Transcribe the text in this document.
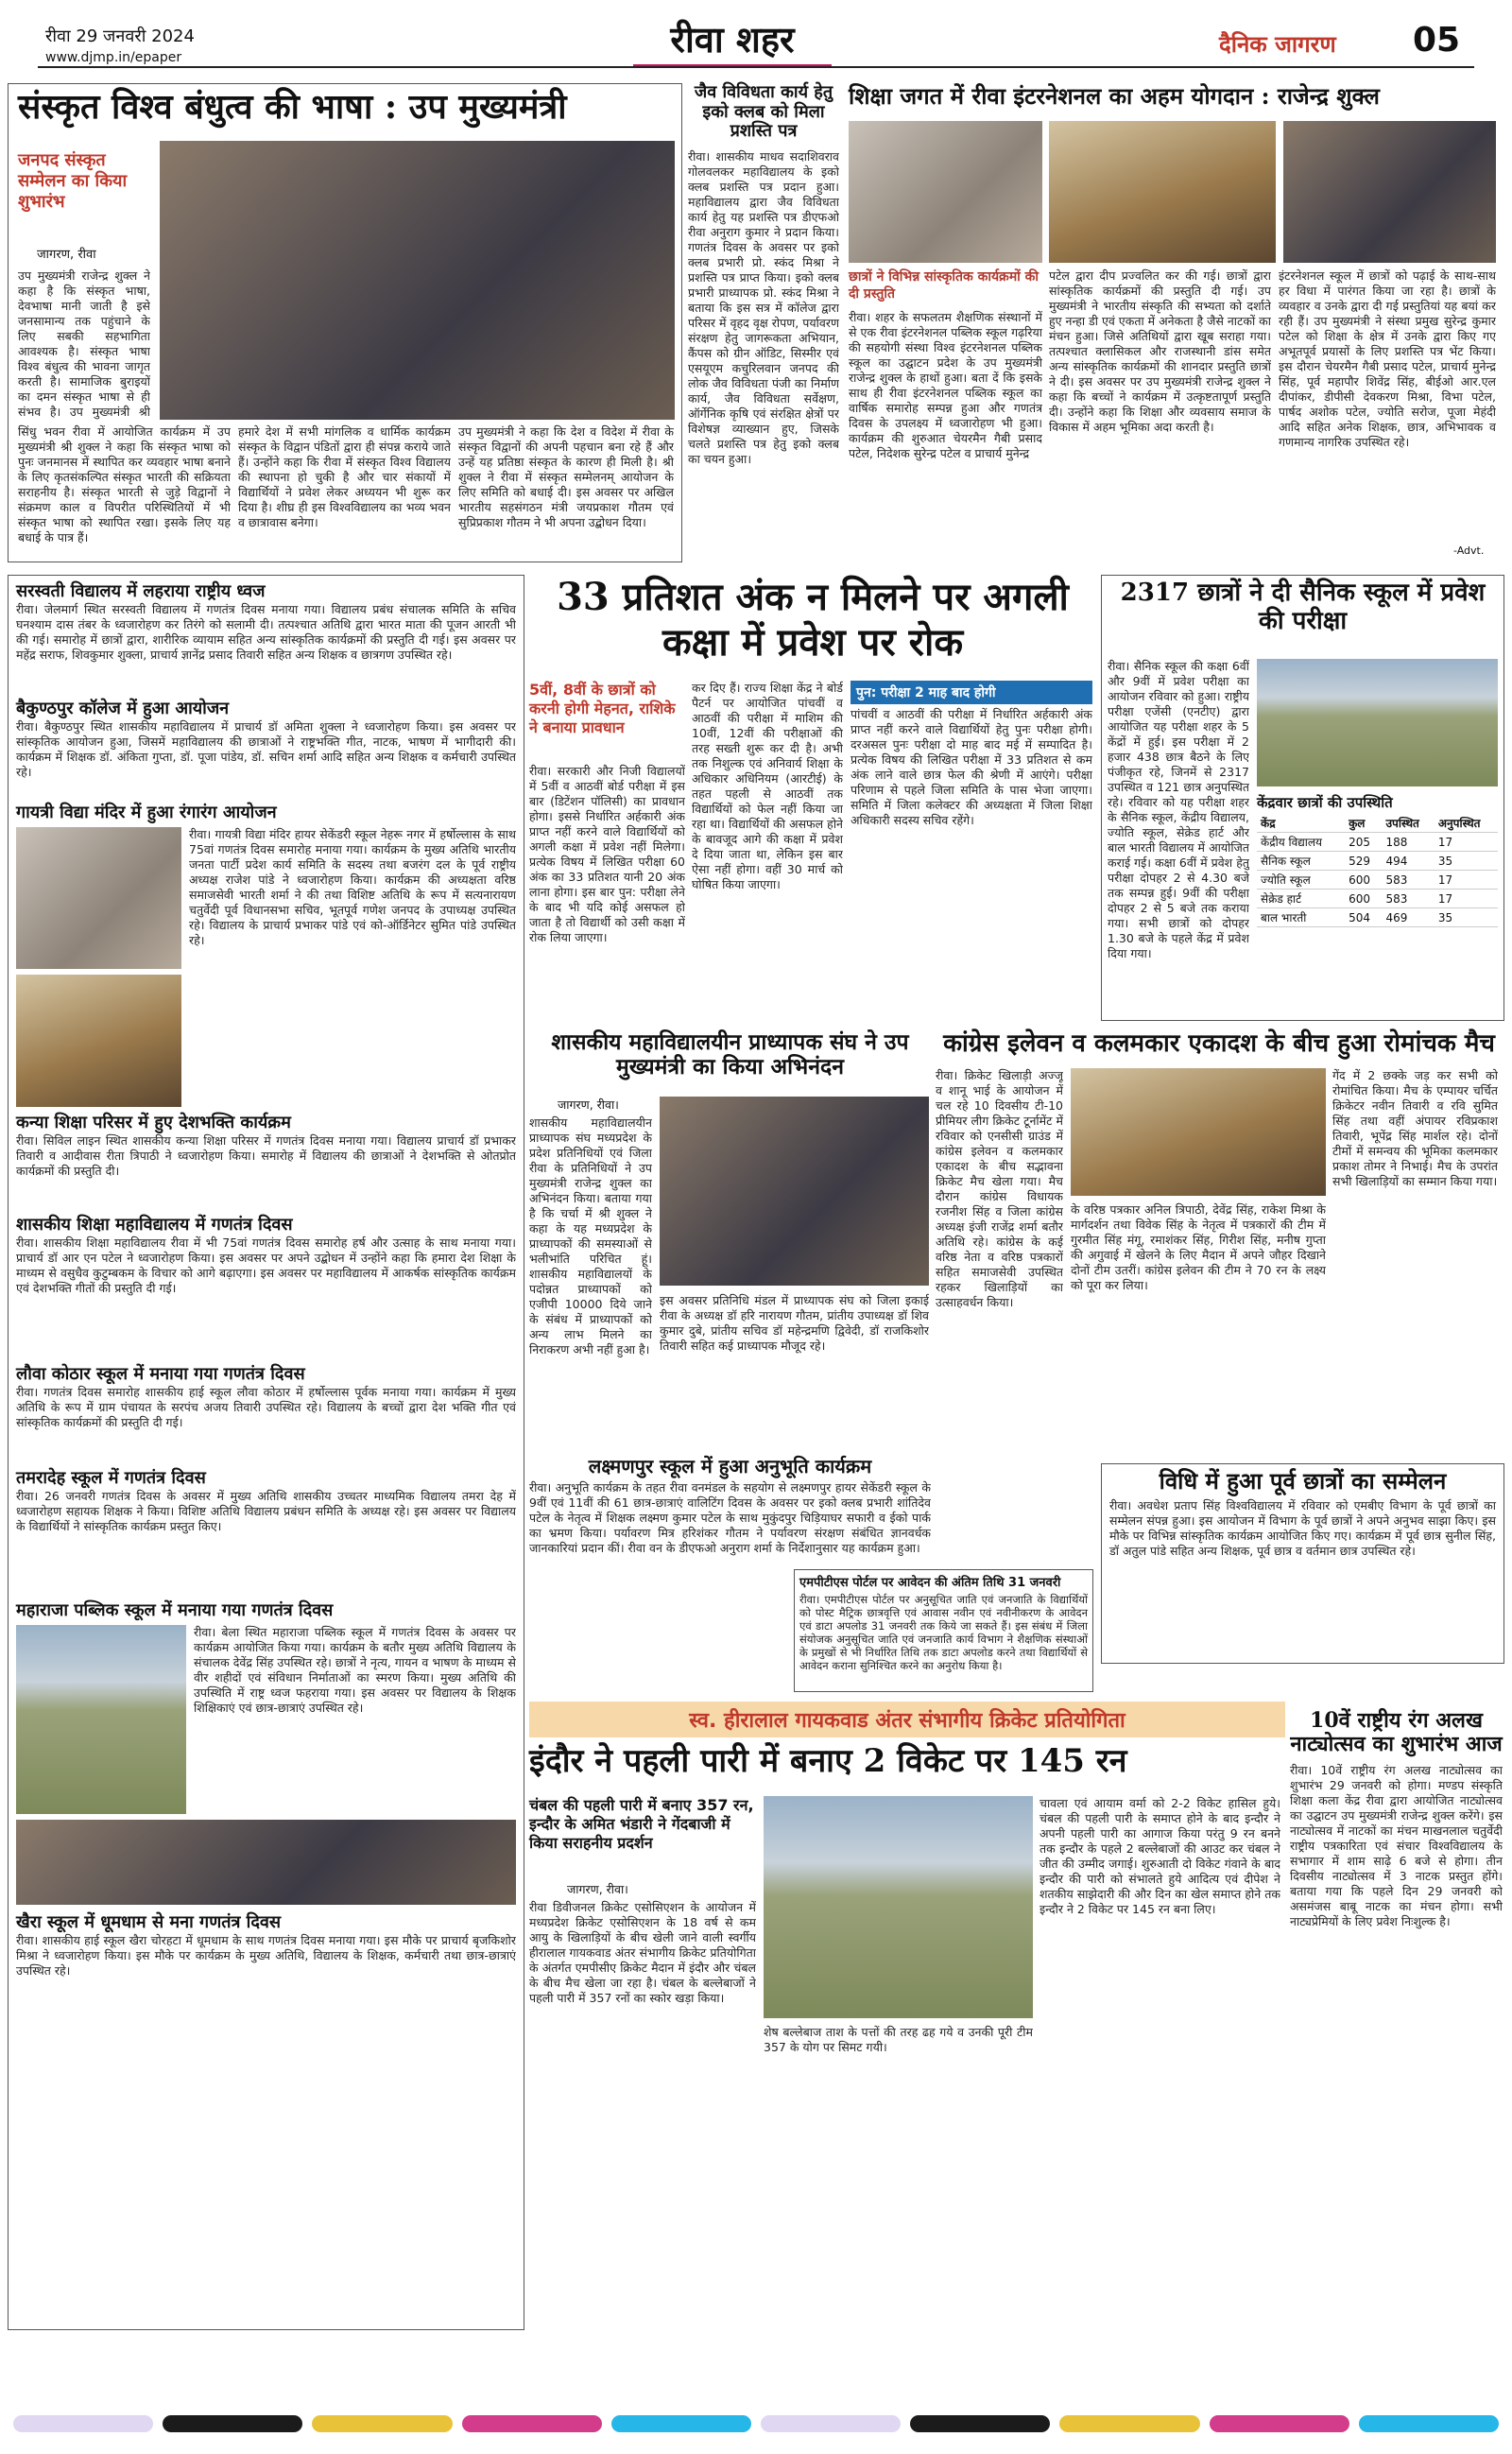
रीवा 29 जनवरी 2024
www.djmp.in/epaper	रीवा शहर	दैनिक जागरण 05
संस्कृत विश्व बंधुत्व की भाषा : उप मुख्यमंत्री
जनपद संस्कृत सम्मेलन का किया शुभारंभ
जागरण, रीवा
उप मुख्यमंत्री राजेन्द्र शुक्ल ने कहा है कि संस्कृत भाषा, देवभाषा मानी जाती है इसे जनसामान्य तक पहुंचाने के लिए सबकी सहभागिता आवश्यक है। संस्कृत भाषा विश्व बंधुत्व की भावना जागृत करती है। सामाजिक बुराइयों का दमन संस्कृत भाषा से ही संभव है। उप मुख्यमंत्री श्री
सिंधु भवन रीवा में आयोजित कार्यक्रम में उप मुख्यमंत्री श्री शुक्ल ने कहा कि संस्कृत भाषा को पुनः जनमानस में स्थापित कर व्यवहार भाषा बनाने के लिए कृतसंकल्पित संस्कृत भारती की सक्रियता सराहनीय है। संस्कृत भारती से जुड़े विद्वानों ने संक्रमण काल व विपरीत परिस्थितियों में भी संस्कृत भाषा को स्थापित रखा। इसके लिए यह बधाई के पात्र हैं।
हमारे देश में सभी मांगलिक व धार्मिक कार्यक्रम संस्कृत के विद्वान पंडितों द्वारा ही संपन्न कराये जाते हैं। उन्होंने कहा कि रीवा में संस्कृत विश्व विद्यालय की स्थापना हो चुकी है और चार संकायों में विद्यार्थियों ने प्रवेश लेकर अध्ययन भी शुरू कर दिया है। शीघ्र ही इस विश्वविद्यालय का भव्य भवन व छात्रावास बनेगा।
उप मुख्यमंत्री ने कहा कि देश व विदेश में रीवा के संस्कृत विद्वानों की अपनी पहचान बना रहे हैं और उन्हें यह प्रतिष्ठा संस्कृत के कारण ही मिली है। श्री शुक्ल ने रीवा में संस्कृत सम्मेलनम् आयोजन के लिए समिति को बधाई दी। इस अवसर पर अखिल भारतीय सहसंगठन मंत्री जयप्रकाश गौतम एवं सुप्रिप्रकाश गौतम ने भी अपना उद्बोधन दिया।
जैव विविधता कार्य हेतु इको क्लब को मिला प्रशस्ति पत्र
रीवा। शासकीय माधव सदाशिवराव गोलवलकर महाविद्यालय के इको क्लब प्रशस्ति पत्र प्रदान हुआ। महाविद्यालय द्वारा जैव विविधता कार्य हेतु यह प्रशस्ति पत्र डीएफओ रीवा अनुराग कुमार ने प्रदान किया। गणतंत्र दिवस के अवसर पर इको क्लब प्रभारी प्रो. स्कंद मिश्रा ने प्रशस्ति पत्र प्राप्त किया। इको क्लब प्रभारी प्राध्यापक प्रो. स्कंद मिश्रा ने बताया कि इस सत्र में कॉलेज द्वारा परिसर में वृहद वृक्ष रोपण, पर्यावरण संरक्षण हेतु जागरूकता अभियान, कैंपस को ग्रीन ऑडिट, सिस्मीर एवं एसयूएम कचुरिलवान जनपद की लोक जैव विविधता पंजी का निर्माण कार्य, जैव विविधता सर्वेक्षण, ऑर्गेनिक कृषि एवं संरक्षित क्षेत्रों पर विशेषज्ञ व्याख्यान हुए, जिसके चलते प्रशस्ति पत्र हेतु इको क्लब का चयन हुआ।
शिक्षा जगत में रीवा इंटरनेशनल का अहम योगदान : राजेन्द्र शुक्ल
छात्रों ने विभिन्न सांस्कृतिक कार्यक्रमों की दी प्रस्तुति
रीवा। शहर के सफलतम शैक्षणिक संस्थानों में से एक रीवा इंटरनेशनल पब्लिक स्कूल गढ़रिया की सहयोगी संस्था विश्व इंटरनेशनल पब्लिक स्कूल का उद्घाटन प्रदेश के उप मुख्यमंत्री राजेन्द्र शुक्ल के हाथों हुआ। बता दें कि इसके साथ ही रीवा इंटरनेशनल पब्लिक स्कूल का वार्षिक समारोह सम्पन्न हुआ और गणतंत्र दिवस के उपलक्ष्य में ध्वजारोहण भी हुआ। कार्यक्रम की शुरुआत चेयरमैन गैबी प्रसाद पटेल, निदेशक सुरेन्द्र पटेल व प्राचार्य मुनेन्द्र
पटेल द्वारा दीप प्रज्वलित कर की गई। छात्रों द्वारा सांस्कृतिक कार्यक्रमों की प्रस्तुति दी गई। उप मुख्यमंत्री ने भारतीय संस्कृति की सभ्यता को दर्शाते हुए नन्हा डी एवं एकता में अनेकता है जैसे नाटकों का मंचन हुआ। जिसे अतिथियों द्वारा खूब सराहा गया। तत्पश्चात क्लासिकल और राजस्थानी डांस समेत अन्य सांस्कृतिक कार्यक्रमों की शानदार प्रस्तुति छात्रों ने दी। इस अवसर पर उप मुख्यमंत्री राजेन्द्र शुक्ल ने कहा कि बच्चों ने कार्यक्रम में उत्कृष्टतापूर्ण प्रस्तुति दी। उन्होंने कहा कि शिक्षा और व्यवसाय समाज के विकास में अहम भूमिका अदा करती है।
इंटरनेशनल स्कूल में छात्रों को पढ़ाई के साथ-साथ हर विधा में पारंगत किया जा रहा है। छात्रों के व्यवहार व उनके द्वारा दी गई प्रस्तुतियां यह बयां कर रही हैं। उप मुख्यमंत्री ने संस्था प्रमुख सुरेन्द्र कुमार पटेल को शिक्षा के क्षेत्र में उनके द्वारा किए गए अभूतपूर्व प्रयासों के लिए प्रशस्ति पत्र भेंट किया। इस दौरान चेयरमैन गैबी प्रसाद पटेल, प्राचार्य मुनेन्द्र सिंह, पूर्व महापौर शिवेंद्र सिंह, बीईओ आर.एल दीपांकर, डीपीसी देवकरण मिश्रा, विभा पटेल, पार्षद अशोक पटेल, ज्योति सरोज, पूजा मेहंदी आदि सहित अनेक शिक्षक, छात्र, अभिभावक व गणमान्य नागरिक उपस्थित रहे।
-Advt.
सरस्वती विद्यालय में लहराया राष्ट्रीय ध्वज
रीवा। जेलमार्ग स्थित सरस्वती विद्यालय में गणतंत्र दिवस मनाया गया। विद्यालय प्रबंध संचालक समिति के सचिव घनश्याम दास तंबर के ध्वजारोहण कर तिरंगे को सलामी दी। तत्पश्चात अतिथि द्वारा भारत माता की पूजन आरती भी की गई। समारोह में छात्रों द्वारा, शारीरिक व्यायाम सहित अन्य सांस्कृतिक कार्यक्रमों की प्रस्तुति दी गई। इस अवसर पर महेंद्र सराफ, शिवकुमार शुक्ला, प्राचार्य ज्ञानेंद्र प्रसाद तिवारी सहित अन्य शिक्षक व छात्रगण उपस्थित रहे।
बैकुण्ठपुर कॉलेज में हुआ आयोजन
रीवा। बैकुण्ठपुर स्थित शासकीय महाविद्यालय में प्राचार्य डॉ अमिता शुक्ला ने ध्वजारोहण किया। इस अवसर पर सांस्कृतिक आयोजन हुआ, जिसमें महाविद्यालय की छात्राओं ने राष्ट्रभक्ति गीत, नाटक, भाषण में भागीदारी की। कार्यक्रम में शिक्षक डॉ. अंकिता गुप्ता, डॉ. पूजा पांडेय, डॉ. सचिन शर्मा आदि सहित अन्य शिक्षक व कर्मचारी उपस्थित रहे।
गायत्री विद्या मंदिर में हुआ रंगारंग आयोजन
रीवा। गायत्री विद्या मंदिर हायर सेकेंडरी स्कूल नेहरू नगर में हर्षोल्लास के साथ 75वां गणतंत्र दिवस समारोह मनाया गया। कार्यक्रम के मुख्य अतिथि भारतीय जनता पार्टी प्रदेश कार्य समिति के सदस्य तथा बजरंग दल के पूर्व राष्ट्रीय अध्यक्ष राजेश पांडे ने ध्वजारोहण किया। कार्यक्रम की अध्यक्षता वरिष्ठ समाजसेवी भारती शर्मा ने की तथा विशिष्ट अतिथि के रूप में सत्यनारायण चतुर्वेदी पूर्व विधानसभा सचिव, भूतपूर्व गणेश जनपद के उपाध्यक्ष उपस्थित रहे। विद्यालय के प्राचार्य प्रभाकर पांडे एवं को-ऑर्डिनेटर सुमित पांडे उपस्थित रहे।
कन्या शिक्षा परिसर में हुए देशभक्ति कार्यक्रम
रीवा। सिविल लाइन स्थित शासकीय कन्या शिक्षा परिसर में गणतंत्र दिवस मनाया गया। विद्यालय प्राचार्य डॉ प्रभाकर तिवारी व आदीवास रीता त्रिपाठी ने ध्वजारोहण किया। समारोह में विद्यालय की छात्राओं ने देशभक्ति से ओतप्रोत कार्यक्रमों की प्रस्तुति दी।
शासकीय शिक्षा महाविद्यालय में गणतंत्र दिवस
रीवा। शासकीय शिक्षा महाविद्यालय रीवा में भी 75वां गणतंत्र दिवस समारोह हर्ष और उत्साह के साथ मनाया गया। प्राचार्य डॉ आर एन पटेल ने ध्वजारोहण किया। इस अवसर पर अपने उद्बोधन में उन्होंने कहा कि हमारा देश शिक्षा के माध्यम से वसुधैव कुटुम्बकम के विचार को आगे बढ़ाएगा। इस अवसर पर महाविद्यालय में आकर्षक सांस्कृतिक कार्यक्रम एवं देशभक्ति गीतों की प्रस्तुति दी गई।
लौवा कोठार स्कूल में मनाया गया गणतंत्र दिवस
रीवा। गणतंत्र दिवस समारोह शासकीय हाई स्कूल लौवा कोठार में हर्षोल्लास पूर्वक मनाया गया। कार्यक्रम में मुख्य अतिथि के रूप में ग्राम पंचायत के सरपंच अजय तिवारी उपस्थित रहे। विद्यालय के बच्चों द्वारा देश भक्ति गीत एवं सांस्कृतिक कार्यक्रमों की प्रस्तुति दी गई।
तमरादेह स्कूल में गणतंत्र दिवस
रीवा। 26 जनवरी गणतंत्र दिवस के अवसर में मुख्य अतिथि शासकीय उच्चतर माध्यमिक विद्यालय तमरा देह में ध्वजारोहण सहायक शिक्षक ने किया। विशिष्ट अतिथि विद्यालय प्रबंधन समिति के अध्यक्ष रहे। इस अवसर पर विद्यालय के विद्यार्थियों ने सांस्कृतिक कार्यक्रम प्रस्तुत किए।
महाराजा पब्लिक स्कूल में मनाया गया गणतंत्र दिवस
रीवा। बेला स्थित महाराजा पब्लिक स्कूल में गणतंत्र दिवस के अवसर पर कार्यक्रम आयोजित किया गया। कार्यक्रम के बतौर मुख्य अतिथि विद्यालय के संचालक देवेंद्र सिंह उपस्थित रहे। छात्रों ने नृत्य, गायन व भाषण के माध्यम से वीर शहीदों एवं संविधान निर्माताओं का स्मरण किया। मुख्य अतिथि की उपस्थिति में राष्ट्र ध्वज फहराया गया। इस अवसर पर विद्यालय के शिक्षक शिक्षिकाएं एवं छात्र-छात्राएं उपस्थित रहे।
खैरा स्कूल में धूमधाम से मना गणतंत्र दिवस
रीवा। शासकीय हाई स्कूल खैरा चोरहटा में धूमधाम के साथ गणतंत्र दिवस मनाया गया। इस मौके पर प्राचार्य बृजकिशोर मिश्रा ने ध्वजारोहण किया। इस मौके पर कार्यक्रम के मुख्य अतिथि, विद्यालय के शिक्षक, कर्मचारी तथा छात्र-छात्राएं उपस्थित रहे।
33 प्रतिशत अंक न मिलने पर अगली कक्षा में प्रवेश पर रोक
5वीं, 8वीं के छात्रों को करनी होगी मेहनत, राशिके ने बनाया प्रावधान
रीवा। सरकारी और निजी विद्यालयों में 5वीं व आठवीं बोर्ड परीक्षा में इस बार (डिटेंशन पॉलिसी) का प्रावधान होगा। इससे निर्धारित अर्हकारी अंक प्राप्त नहीं करने वाले विद्यार्थियों को अगली कक्षा में प्रवेश नहीं मिलेगा। प्रत्येक विषय में लिखित परीक्षा 60 अंक का 33 प्रतिशत यानी 20 अंक लाना होगा। इस बार पुन: परीक्षा लेने के बाद भी यदि कोई असफल हो जाता है तो विद्यार्थी को उसी कक्षा में रोक लिया जाएगा।
कर दिए हैं। राज्य शिक्षा केंद्र ने बोर्ड पैटर्न पर आयोजित पांचवीं व आठवीं की परीक्षा में माशिम की 10वीं, 12वीं की परीक्षाओं की तरह सख्ती शुरू कर दी है। अभी तक निशुल्क एवं अनिवार्य शिक्षा के अधिकार अधिनियम (आरटीई) के तहत पहली से आठवीं तक विद्यार्थियों को फेल नहीं किया जा रहा था। विद्यार्थियों की असफल होने के बावजूद आगे की कक्षा में प्रवेश दे दिया जाता था, लेकिन इस बार ऐसा नहीं होगा। वहीं 30 मार्च को घोषित किया जाएगा।
पुन: परीक्षा 2 माह बाद होगी
पांचवीं व आठवीं की परीक्षा में निर्धारित अर्हकारी अंक प्राप्त नहीं करने वाले विद्यार्थियों हेतु पुनः परीक्षा होगी। दरअसल पुनः परीक्षा दो माह बाद मई में सम्पादित है। प्रत्येक विषय की लिखित परीक्षा में 33 प्रतिशत से कम अंक लाने वाले छात्र फेल की श्रेणी में आएंगे। परीक्षा परिणाम से पहले जिला समिति के पास भेजा जाएगा। समिति में जिला कलेक्टर की अध्यक्षता में जिला शिक्षा अधिकारी सदस्य सचिव रहेंगे।
2317 छात्रों ने दी सैनिक स्कूल में प्रवेश की परीक्षा
रीवा। सैनिक स्कूल की कक्षा 6वीं और 9वीं में प्रवेश परीक्षा का आयोजन रविवार को हुआ। राष्ट्रीय परीक्षा एजेंसी (एनटीए) द्वारा आयोजित यह परीक्षा शहर के 5 केंद्रों में हुई। इस परीक्षा में 2 हजार 438 छात्र बैठने के लिए पंजीकृत रहे, जिनमें से 2317 उपस्थित व 121 छात्र अनुपस्थित रहे। रविवार को यह परीक्षा शहर के सैनिक स्कूल, केंद्रीय विद्यालय, ज्योति स्कूल, सेक्रेड हार्ट और बाल भारती विद्यालय में आयोजित कराई गई। कक्षा 6वीं में प्रवेश हेतु परीक्षा दोपहर 2 से 4.30 बजे तक सम्पन्न हुई। 9वीं की परीक्षा दोपहर 2 से 5 बजे तक कराया गया। सभी छात्रों को दोपहर 1.30 बजे के पहले केंद्र में प्रवेश दिया गया।
केंद्रवार छात्रों की उपस्थिति
केंद्र	कुल	उपस्थित	अनुपस्थित
केंद्रीय विद्यालय	205	188	17
सैनिक स्कूल	529	494	35
ज्योति स्कूल	600	583	17
सेक्रेड हार्ट	600	583	17
बाल भारती	504	469	35
शासकीय महाविद्यालयीन प्राध्यापक संघ ने उप मुख्यमंत्री का किया अभिनंदन
जागरण, रीवा।
शासकीय महाविद्यालयीन प्राध्यापक संघ मध्यप्रदेश के प्रदेश प्रतिनिधियों एवं जिला रीवा के प्रतिनिधियों ने उप मुख्यमंत्री राजेन्द्र शुक्ल का अभिनंदन किया। बताया गया है कि चर्चा में श्री शुक्ल ने कहा के यह मध्यप्रदेश के प्राध्यापकों की समस्याओं से भलीभांति परिचित हूं। शासकीय महाविद्यालयों के पदोन्नत प्राध्यापकों को एजीपी 10000 दिये जाने के संबंध में प्राध्यापकों को अन्य लाभ मिलने का निराकरण अभी नहीं हुआ है।
इस अवसर प्रतिनिधि मंडल में प्राध्यापक संघ को जिला इकाई रीवा के अध्यक्ष डॉ हरि नारायण गौतम, प्रांतीय उपाध्यक्ष डॉ शिव कुमार दुबे, प्रांतीय सचिव डॉ महेन्द्रमणि द्विवेदी, डॉ राजकिशोर तिवारी सहित कई प्राध्यापक मौजूद रहे।
लक्ष्मणपुर स्कूल में हुआ अनुभूति कार्यक्रम
रीवा। अनुभूति कार्यक्रम के तहत रीवा वनमंडल के सहयोग से लक्ष्मणपुर हायर सेकेंडरी स्कूल के 9वीं एवं 11वीं की 61 छात्र-छात्राएं वालिटिंग दिवस के अवसर पर इको क्लब प्रभारी शांतिदेव पटेल के नेतृत्व में शिक्षक लक्ष्मण कुमार पटेल के साथ मुकुंदपुर चिड़ियाघर सफारी व ईको पार्क का भ्रमण किया। पर्यावरण मित्र हरिशंकर गौतम ने पर्यावरण संरक्षण संबंधित ज्ञानवर्धक जानकारियां प्रदान कीं। रीवा वन के डीएफओ अनुराग शर्मा के निर्देशानुसार यह कार्यक्रम हुआ।
एमपीटीएस पोर्टल पर आवेदन की अंतिम तिथि 31 जनवरी
रीवा। एमपीटीएस पोर्टल पर अनुसूचित जाति एवं जनजाति के विद्यार्थियों को पोस्ट मैट्रिक छात्रवृत्ति एवं आवास नवीन एवं नवीनीकरण के आवेदन एवं डाटा अपलोड 31 जनवरी तक किये जा सकते हैं। इस संबंध में जिला संयोजक अनुसूचित जाति एवं जनजाति कार्य विभाग ने शैक्षणिक संस्थाओं के प्रमुखों से भी निर्धारित तिथि तक डाटा अपलोड करने तथा विद्यार्थियों से आवेदन कराना सुनिश्चित करने का अनुरोध किया है।
कांग्रेस इलेवन व कलमकार एकादश के बीच हुआ रोमांचक मैच
रीवा। क्रिकेट खिलाड़ी अज्जू व शानू भाई के आयोजन में चल रहे 10 दिवसीय टी-10 प्रीमियर लीग क्रिकेट टूर्नामेंट में रविवार को एनसीसी ग्राउंड में कांग्रेस इलेवन व कलमकार एकादश के बीच सद्भावना क्रिकेट मैच खेला गया। मैच दौरान कांग्रेस विधायक रजनीश सिंह व जिला कांग्रेस अध्यक्ष इंजी राजेंद्र शर्मा बतौर अतिथि रहे। कांग्रेस के कई वरिष्ठ नेता व वरिष्ठ पत्रकारों सहित समाजसेवी उपस्थित रहकर खिलाड़ियों का उत्साहवर्धन किया।
के वरिष्ठ पत्रकार अनिल त्रिपाठी, देवेंद्र सिंह, राकेश मिश्रा के मार्गदर्शन तथा विवेक सिंह के नेतृत्व में पत्रकारों की टीम में गुरमीत सिंह मंगू, रमाशंकर सिंह, गिरीश सिंह, मनीष गुप्ता की अगुवाई में खेलने के लिए मैदान में अपने जौहर दिखाने दोनों टीम उतरीं। कांग्रेस इलेवन की टीम ने 70 रन के लक्ष्य को पूरा कर लिया।
गेंद में 2 छक्के जड़ कर सभी को रोमांचित किया। मैच के एम्पायर चर्चित क्रिकेटर नवीन तिवारी व रवि सुमित सिंह तथा वहीं अंपायर रविप्रकाश तिवारी, भूपेंद्र सिंह मार्शल रहे। दोनों टीमों में समन्वय की भूमिका कलमकार प्रकाश तोमर ने निभाई। मैच के उपरांत सभी खिलाड़ियों का सम्मान किया गया।
विधि में हुआ पूर्व छात्रों का सम्मेलन
रीवा। अवधेश प्रताप सिंह विश्वविद्यालय में रविवार को एमबीए विभाग के पूर्व छात्रों का सम्मेलन संपन्न हुआ। इस आयोजन में विभाग के पूर्व छात्रों ने अपने अनुभव साझा किए। इस मौके पर विभिन्न सांस्कृतिक कार्यक्रम आयोजित किए गए। कार्यक्रम में पूर्व छात्र सुनील सिंह, डॉ अतुल पांडे सहित अन्य शिक्षक, पूर्व छात्र व वर्तमान छात्र उपस्थित रहे।
स्व. हीरालाल गायकवाड अंतर संभागीय क्रिकेट प्रतियोगिता
इंदौर ने पहली पारी में बनाए 2 विकेट पर 145 रन
चंबल की पहली पारी में बनाए 357 रन, इन्दौर के अमित भंडारी ने गेंदबाजी में किया सराहनीय प्रदर्शन
जागरण, रीवा।
रीवा डिवीजनल क्रिकेट एसोसिएशन के आयोजन में मध्यप्रदेश क्रिकेट एसोसिएशन के 18 वर्ष से कम आयु के खिलाड़ियों के बीच खेली जाने वाली स्वर्गीय हीरालाल गायकवाड अंतर संभागीय क्रिकेट प्रतियोगिता के अंतर्गत एमपीसीए क्रिकेट मैदान में इंदौर और चंबल के बीच मैच खेला जा रहा है। चंबल के बल्लेबाजों ने पहली पारी में 357 रनों का स्कोर खड़ा किया।
शेष बल्लेबाज ताश के पत्तों की तरह ढह गये व उनकी पूरी टीम 357 के योग पर सिमट गयी।
चावला एवं आयाम वर्मा को 2-2 विकेट हासिल हुये। चंबल की पहली पारी के समाप्त होने के बाद इन्दौर ने अपनी पहली पारी का आगाज किया परंतु 9 रन बनने तक इन्दौर के पहले 2 बल्लेबाजों की आउट कर चंबल ने जीत की उम्मीद जगाई। शुरुआती दो विकेट गंवाने के बाद इन्दौर की पारी को संभालते हुये आदित्य एवं दीपेश ने शतकीय साझेदारी की और दिन का खेल समाप्त होने तक इन्दौर ने 2 विकेट पर 145 रन बना लिए।
10वें राष्ट्रीय रंग अलख नाट्योत्सव का शुभारंभ आज
रीवा। 10वें राष्ट्रीय रंग अलख नाट्योत्सव का शुभारंभ 29 जनवरी को होगा। मण्डप संस्कृति शिक्षा कला केंद्र रीवा द्वारा आयोजित नाट्योत्सव का उद्घाटन उप मुख्यमंत्री राजेन्द्र शुक्ल करेंगे। इस नाट्योत्सव में नाटकों का मंचन माखनलाल चतुर्वेदी राष्ट्रीय पत्रकारिता एवं संचार विश्वविद्यालय के सभागार में शाम साढ़े 6 बजे से होगा। तीन दिवसीय नाट्योत्सव में 3 नाटक प्रस्तुत होंगे। बताया गया कि पहले दिन 29 जनवरी को असमंजस बाबू नाटक का मंचन होगा। सभी नाट्यप्रेमियों के लिए प्रवेश निःशुल्क है।
